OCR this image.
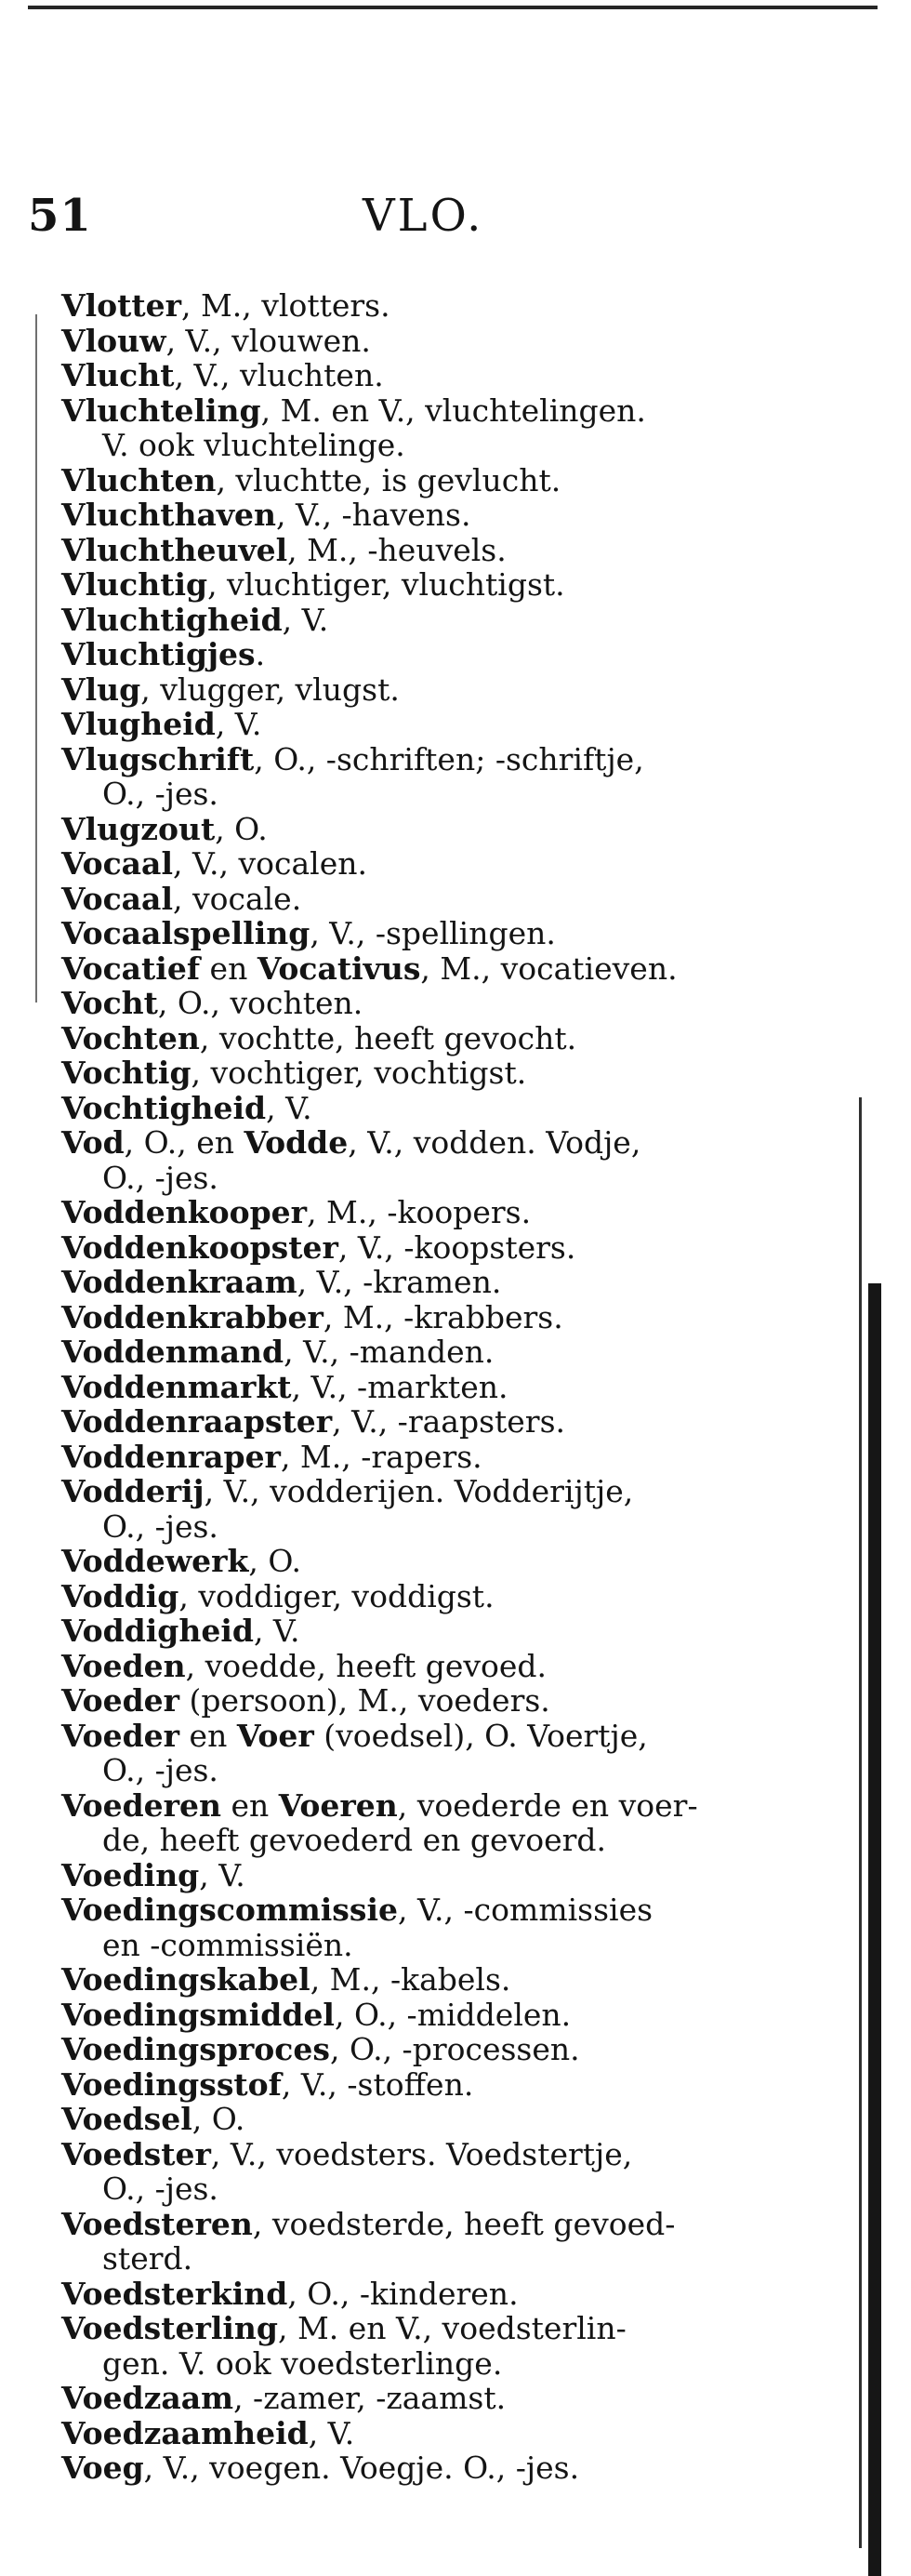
51	VLO.

Vlotter, M., vlotters.

Vlouw, V., vlouwen.

Vlucht, V., vluchten.

Vluchteling, M. en V., vluchtelingen.

V. ook vluchtelinge.

Vluchten, vluchtte, is gevlucht.

Vluchthaven, V., -havens.

Vluchtheuvel, M., -heuvels.

Vluchtig, vluchtiger, vluchtigst.

Vluchtigheid, V.

Vluchtigjes.

Vlug, vlugger, vlugst.

Vlugheid, V.

Vlugschrift, O., -schriften; -schriftje,

O., -jes.

Vlugzout, O.

Vocaal, V., vocalen.

Vocaal, vocale.

Vocaalspelling, V., -spellingen.

Vocatief en Vocativus, M., vocatieven.

Vocht, O., vochten.

Vochten, vochtte, heeft gevocht.

Vochtig, vochtiger, vochtigst.

Vochtigheid, V.

Vod, O., en Vodde, V., vodden. Vodje,

O., -jes.

Voddenkooper, M., -koopers.

Voddenkoopster, V., -koopsters.

Voddenkraam, V., -kramen.

Voddenkrabber, M., -krabbers.

Voddenmand, V., -manden.

Voddenmarkt, V., -markten.

Voddenraapster, V., -raapsters.

Voddenraper, M., -rapers.

Vodderij, V., vodderijen. Vodderijtje,

O., -jes.

Voddewerk, O.

Voddig, voddiger, voddigst.

Voddigheid, V.

Voeden, voedde, heeft gevoed.

Voeder (persoon), M., voeders.

Voeder en Voer (voedsel), O. Voertje,

O., -jes.

Voederen en Voeren, voederde en voer-

de, heeft gevoederd en gevoerd.

Voeding, V.

Voedingscommissie, V., -commissies

en -commissiën.

Voedingskabel, M., -kabels.

Voedingsmiddel, O., -middelen.

Voedingsproces, O., -processen.

Voedingsstof, V., -stoffen.

Voedsel, O.

Voedster, V., voedsters. Voedstertje,

O., -jes.

Voedsteren, voedsterde, heeft gevoed-

sterd.

Voedsterkind, O., -kinderen.

Voedsterling, M. en V., voedsterlin-

gen. V. ook voedsterlinge.

Voedzaam, -zamer, -zaamst.

Voedzaamheid, V.

Voeg, V., voegen. Voegje. O., -jes.
